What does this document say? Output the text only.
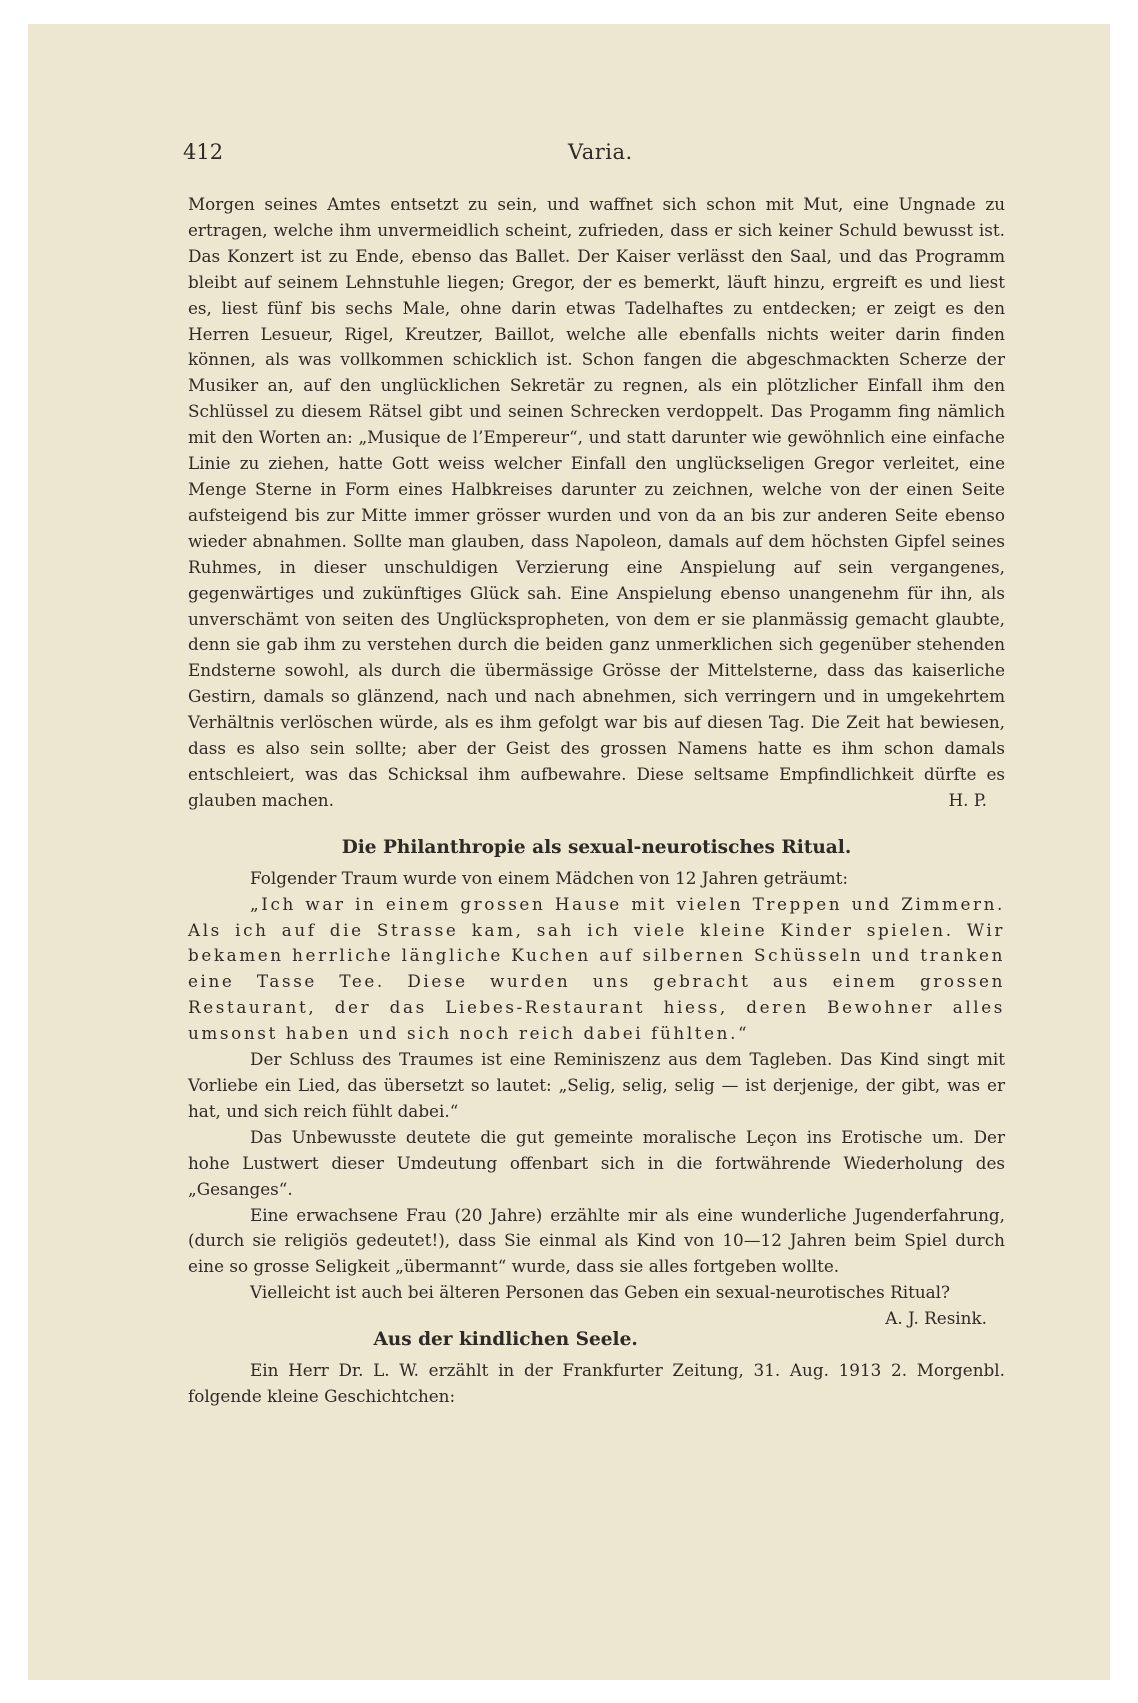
412	Varia.

Morgen seines Amtes entsetzt zu sein, und waffnet sich schon mit Mut, eine Ungnade zu ertragen, welche ihm unvermeidlich scheint, zufrieden, dass er sich keiner Schuld bewusst ist. Das Konzert ist zu Ende, ebenso das Ballet. Der Kaiser verlässt den Saal, und das Programm bleibt auf seinem Lehnstuhle liegen; Gregor, der es bemerkt, läuft hinzu, ergreift es und liest es, liest fünf bis sechs Male, ohne darin etwas Tadelhaftes zu entdecken; er zeigt es den Herren Lesueur, Rigel, Kreutzer, Baillot, welche alle ebenfalls nichts weiter darin finden können, als was vollkommen schicklich ist. Schon fangen die abgeschmackten Scherze der Musiker an, auf den unglücklichen Sekretär zu regnen, als ein plötzlicher Einfall ihm den Schlüssel zu diesem Rätsel gibt und seinen Schrecken verdoppelt. Das Progamm fing nämlich mit den Worten an: „Musique de l’Empereur“, und statt darunter wie gewöhnlich eine einfache Linie zu ziehen, hatte Gott weiss welcher Einfall den unglückseligen Gregor verleitet, eine Menge Sterne in Form eines Halbkreises darunter zu zeichnen, welche von der einen Seite aufsteigend bis zur Mitte immer grösser wurden und von da an bis zur anderen Seite ebenso wieder abnahmen. Sollte man glauben, dass Napoleon, damals auf dem höchsten Gipfel seines Ruhmes, in dieser unschuldigen Verzierung eine Anspielung auf sein vergangenes, gegenwärtiges und zukünftiges Glück sah. Eine Anspielung ebenso unangenehm für ihn, als unverschämt von seiten des Unglückspropheten, von dem er sie planmässig gemacht glaubte, denn sie gab ihm zu verstehen durch die beiden ganz unmerklichen sich gegenüber stehenden Endsterne sowohl, als durch die übermässige Grösse der Mittelsterne, dass das kaiserliche Gestirn, damals so glänzend, nach und nach abnehmen, sich verringern und in umgekehrtem Verhältnis verlöschen würde, als es ihm gefolgt war bis auf diesen Tag. Die Zeit hat bewiesen, dass es also sein sollte; aber der Geist des grossen Namens hatte es ihm schon damals entschleiert, was das Schicksal ihm aufbewahre. Diese seltsame Empfindlichkeit dürfte es glauben machen.	H. P.

Die Philanthropie als sexual-neurotisches Ritual.

Folgender Traum wurde von einem Mädchen von 12 Jahren geträumt:

„Ich war in einem grossen Hause mit vielen Treppen und Zimmern. Als ich auf die Strasse kam, sah ich viele kleine Kinder spielen. Wir bekamen herrliche längliche Kuchen auf silbernen Schüsseln und tranken eine Tasse Tee. Diese wurden uns gebracht aus einem grossen Restaurant, der das Liebes-Restaurant hiess, deren Bewohner alles umsonst haben und sich noch reich dabei fühlten.“

Der Schluss des Traumes ist eine Reminiszenz aus dem Tagleben. Das Kind singt mit Vorliebe ein Lied, das übersetzt so lautet: „Selig, selig, selig — ist derjenige, der gibt, was er hat, und sich reich fühlt dabei.“

Das Unbewusste deutete die gut gemeinte moralische Leçon ins Erotische um. Der hohe Lustwert dieser Umdeutung offenbart sich in die fortwährende Wiederholung des „Gesanges“.

Eine erwachsene Frau (20 Jahre) erzählte mir als eine wunderliche Jugenderfahrung, (durch sie religiös gedeutet!), dass Sie einmal als Kind von 10—12 Jahren beim Spiel durch eine so grosse Seligkeit „übermannt“ wurde, dass sie alles fortgeben wollte.

Vielleicht ist auch bei älteren Personen das Geben ein sexual-neurotisches Ritual?
A. J. Resink.

Aus der kindlichen Seele.

Ein Herr Dr. L. W. erzählt in der Frankfurter Zeitung, 31. Aug. 1913 2. Morgenbl. folgende kleine Geschichtchen:
